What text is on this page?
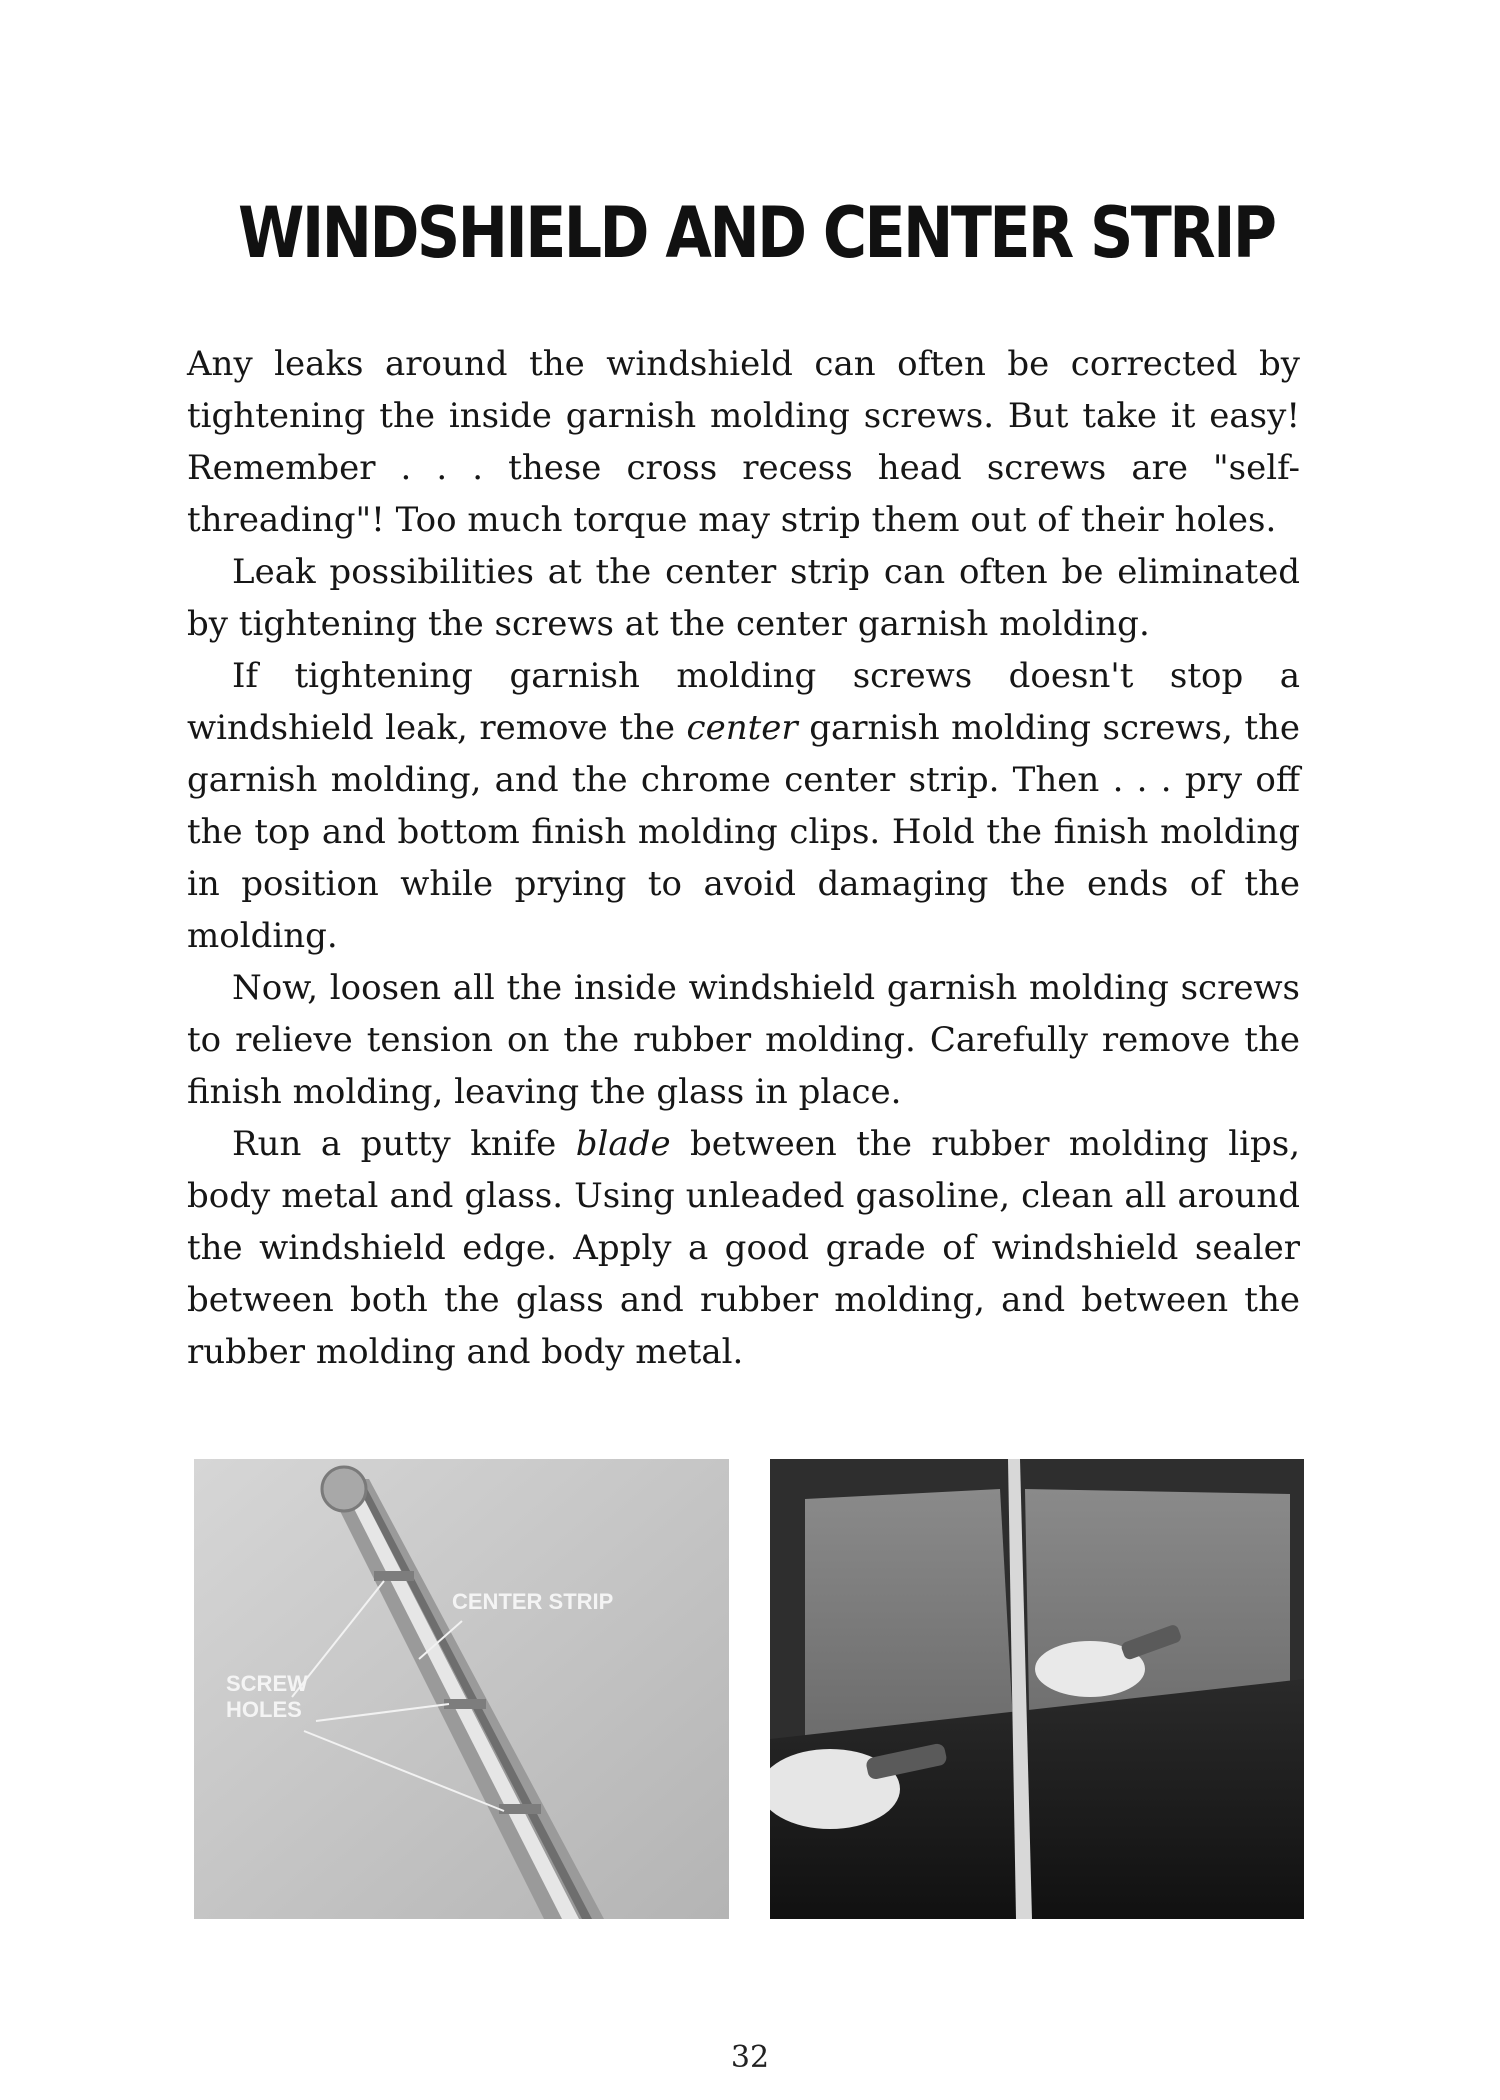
WINDSHIELD AND CENTER STRIP

Any leaks around the windshield can often be corrected by tightening the inside garnish molding screws. But take it easy! Remember . . . these cross recess head screws are "self-threading"! Too much torque may strip them out of their holes.

Leak possibilities at the center strip can often be eliminated by tightening the screws at the center garnish molding.

If tightening garnish molding screws doesn't stop a windshield leak, remove the center garnish molding screws, the garnish molding, and the chrome center strip. Then . . . pry off the top and bottom finish molding clips. Hold the finish molding in position while prying to avoid damaging the ends of the molding.

Now, loosen all the inside windshield garnish molding screws to relieve tension on the rubber molding. Carefully remove the finish molding, leaving the glass in place.

Run a putty knife blade between the rubber molding lips, body metal and glass. Using unleaded gasoline, clean all around the windshield edge. Apply a good grade of windshield sealer between both the glass and rubber molding, and between the rubber molding and body metal.

CENTER STRIP
SCREW
HOLES
32
